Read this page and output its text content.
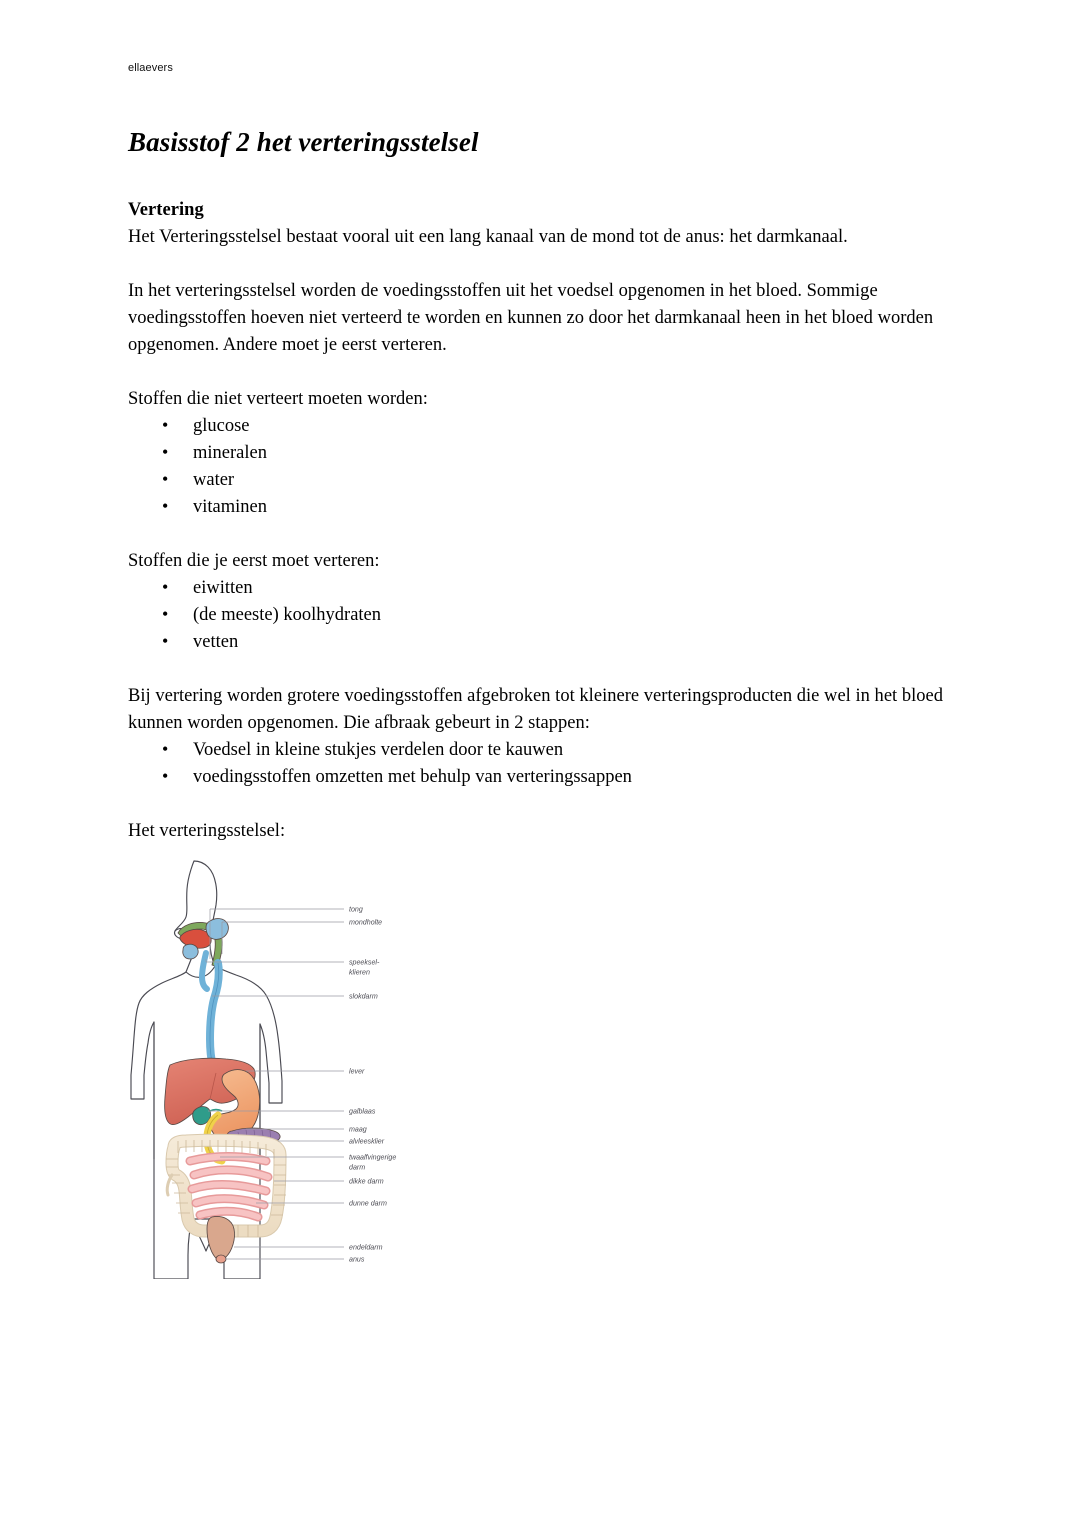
ellaevers
Basisstof 2 het verteringsstelsel
Vertering

Het Verteringsstelsel bestaat vooral uit een lang kanaal van de mond tot de anus: het darmkanaal.

In het verteringsstelsel worden de voedingsstoffen uit het voedsel opgenomen in het bloed. Sommige voedingsstoffen hoeven niet verteerd te worden en kunnen zo door het darmkanaal heen in het bloed worden opgenomen. Andere moet je eerst verteren.

Stoffen die niet verteert moeten worden:

• glucose
• mineralen
• water
• vitaminen

Stoffen die je eerst moet verteren:

• eiwitten
• (de meeste) koolhydraten
• vetten

Bij vertering worden grotere voedingsstoffen afgebroken tot kleinere verteringsproducten die wel in het bloed kunnen worden opgenomen. Die afbraak gebeurt in 2 stappen:

• Voedsel in kleine stukjes verdelen door te kauwen
• voedingsstoffen omzetten met behulp van verteringssappen

Het verteringsstelsel:

tong
mondholte
speeksel-
klieren
slokdarm
lever
galblaas
maag
alvleesklier
twaalfvingerige
darm
dikke darm
dunne darm
endeldarm
anus
